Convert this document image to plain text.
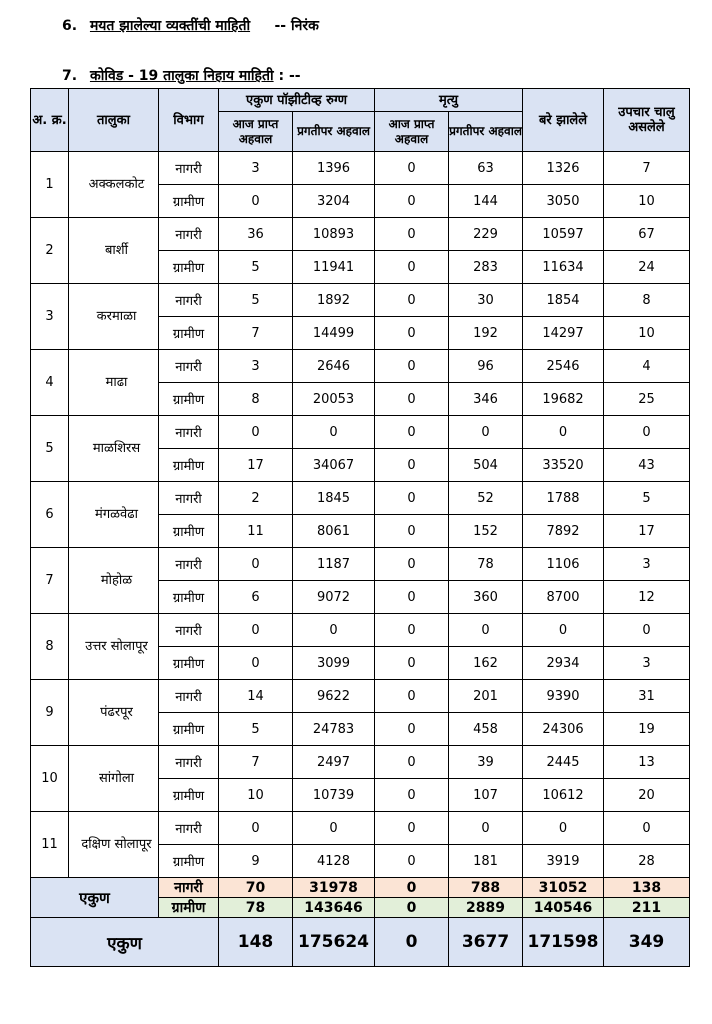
6. मयत झालेल्या व्यक्तींची माहिती -- निरंक
7. कोविड - 19 तालुका निहाय माहिती : --
अ. क्र.	तालुका	विभाग	एकुण पॉझीटीव्ह रुग्ण		मृत्यु		बरे झालेले	उपचार चालु असलेले
			आज प्राप्त अहवाल	प्रगतीपर अहवाल	आज प्राप्त अहवाल	प्रगतीपर अहवाल		
1	अक्कलकोट	नागरी	3	1396	0	63	1326	7
		ग्रामीण	0	3204	0	144	3050	10
2	बार्शी	नागरी	36	10893	0	229	10597	67
		ग्रामीण	5	11941	0	283	11634	24
3	करमाळा	नागरी	5	1892	0	30	1854	8
		ग्रामीण	7	14499	0	192	14297	10
4	माढा	नागरी	3	2646	0	96	2546	4
		ग्रामीण	8	20053	0	346	19682	25
5	माळशिरस	नागरी	0	0	0	0	0	0
		ग्रामीण	17	34067	0	504	33520	43
6	मंगळवेढा	नागरी	2	1845	0	52	1788	5
		ग्रामीण	11	8061	0	152	7892	17
7	मोहोळ	नागरी	0	1187	0	78	1106	3
		ग्रामीण	6	9072	0	360	8700	12
8	उत्तर सोलापूर	नागरी	0	0	0	0	0	0
		ग्रामीण	0	3099	0	162	2934	3
9	पंढरपूर	नागरी	14	9622	0	201	9390	31
		ग्रामीण	5	24783	0	458	24306	19
10	सांगोला	नागरी	7	2497	0	39	2445	13
		ग्रामीण	10	10739	0	107	10612	20
11	दक्षिण सोलापूर	नागरी	0	0	0	0	0	0
		ग्रामीण	9	4128	0	181	3919	28
एकुण		नागरी	70	31978	0	788	31052	138
		ग्रामीण	78	143646	0	2889	140546	211
एकुण			148	175624	0	3677	171598	349
